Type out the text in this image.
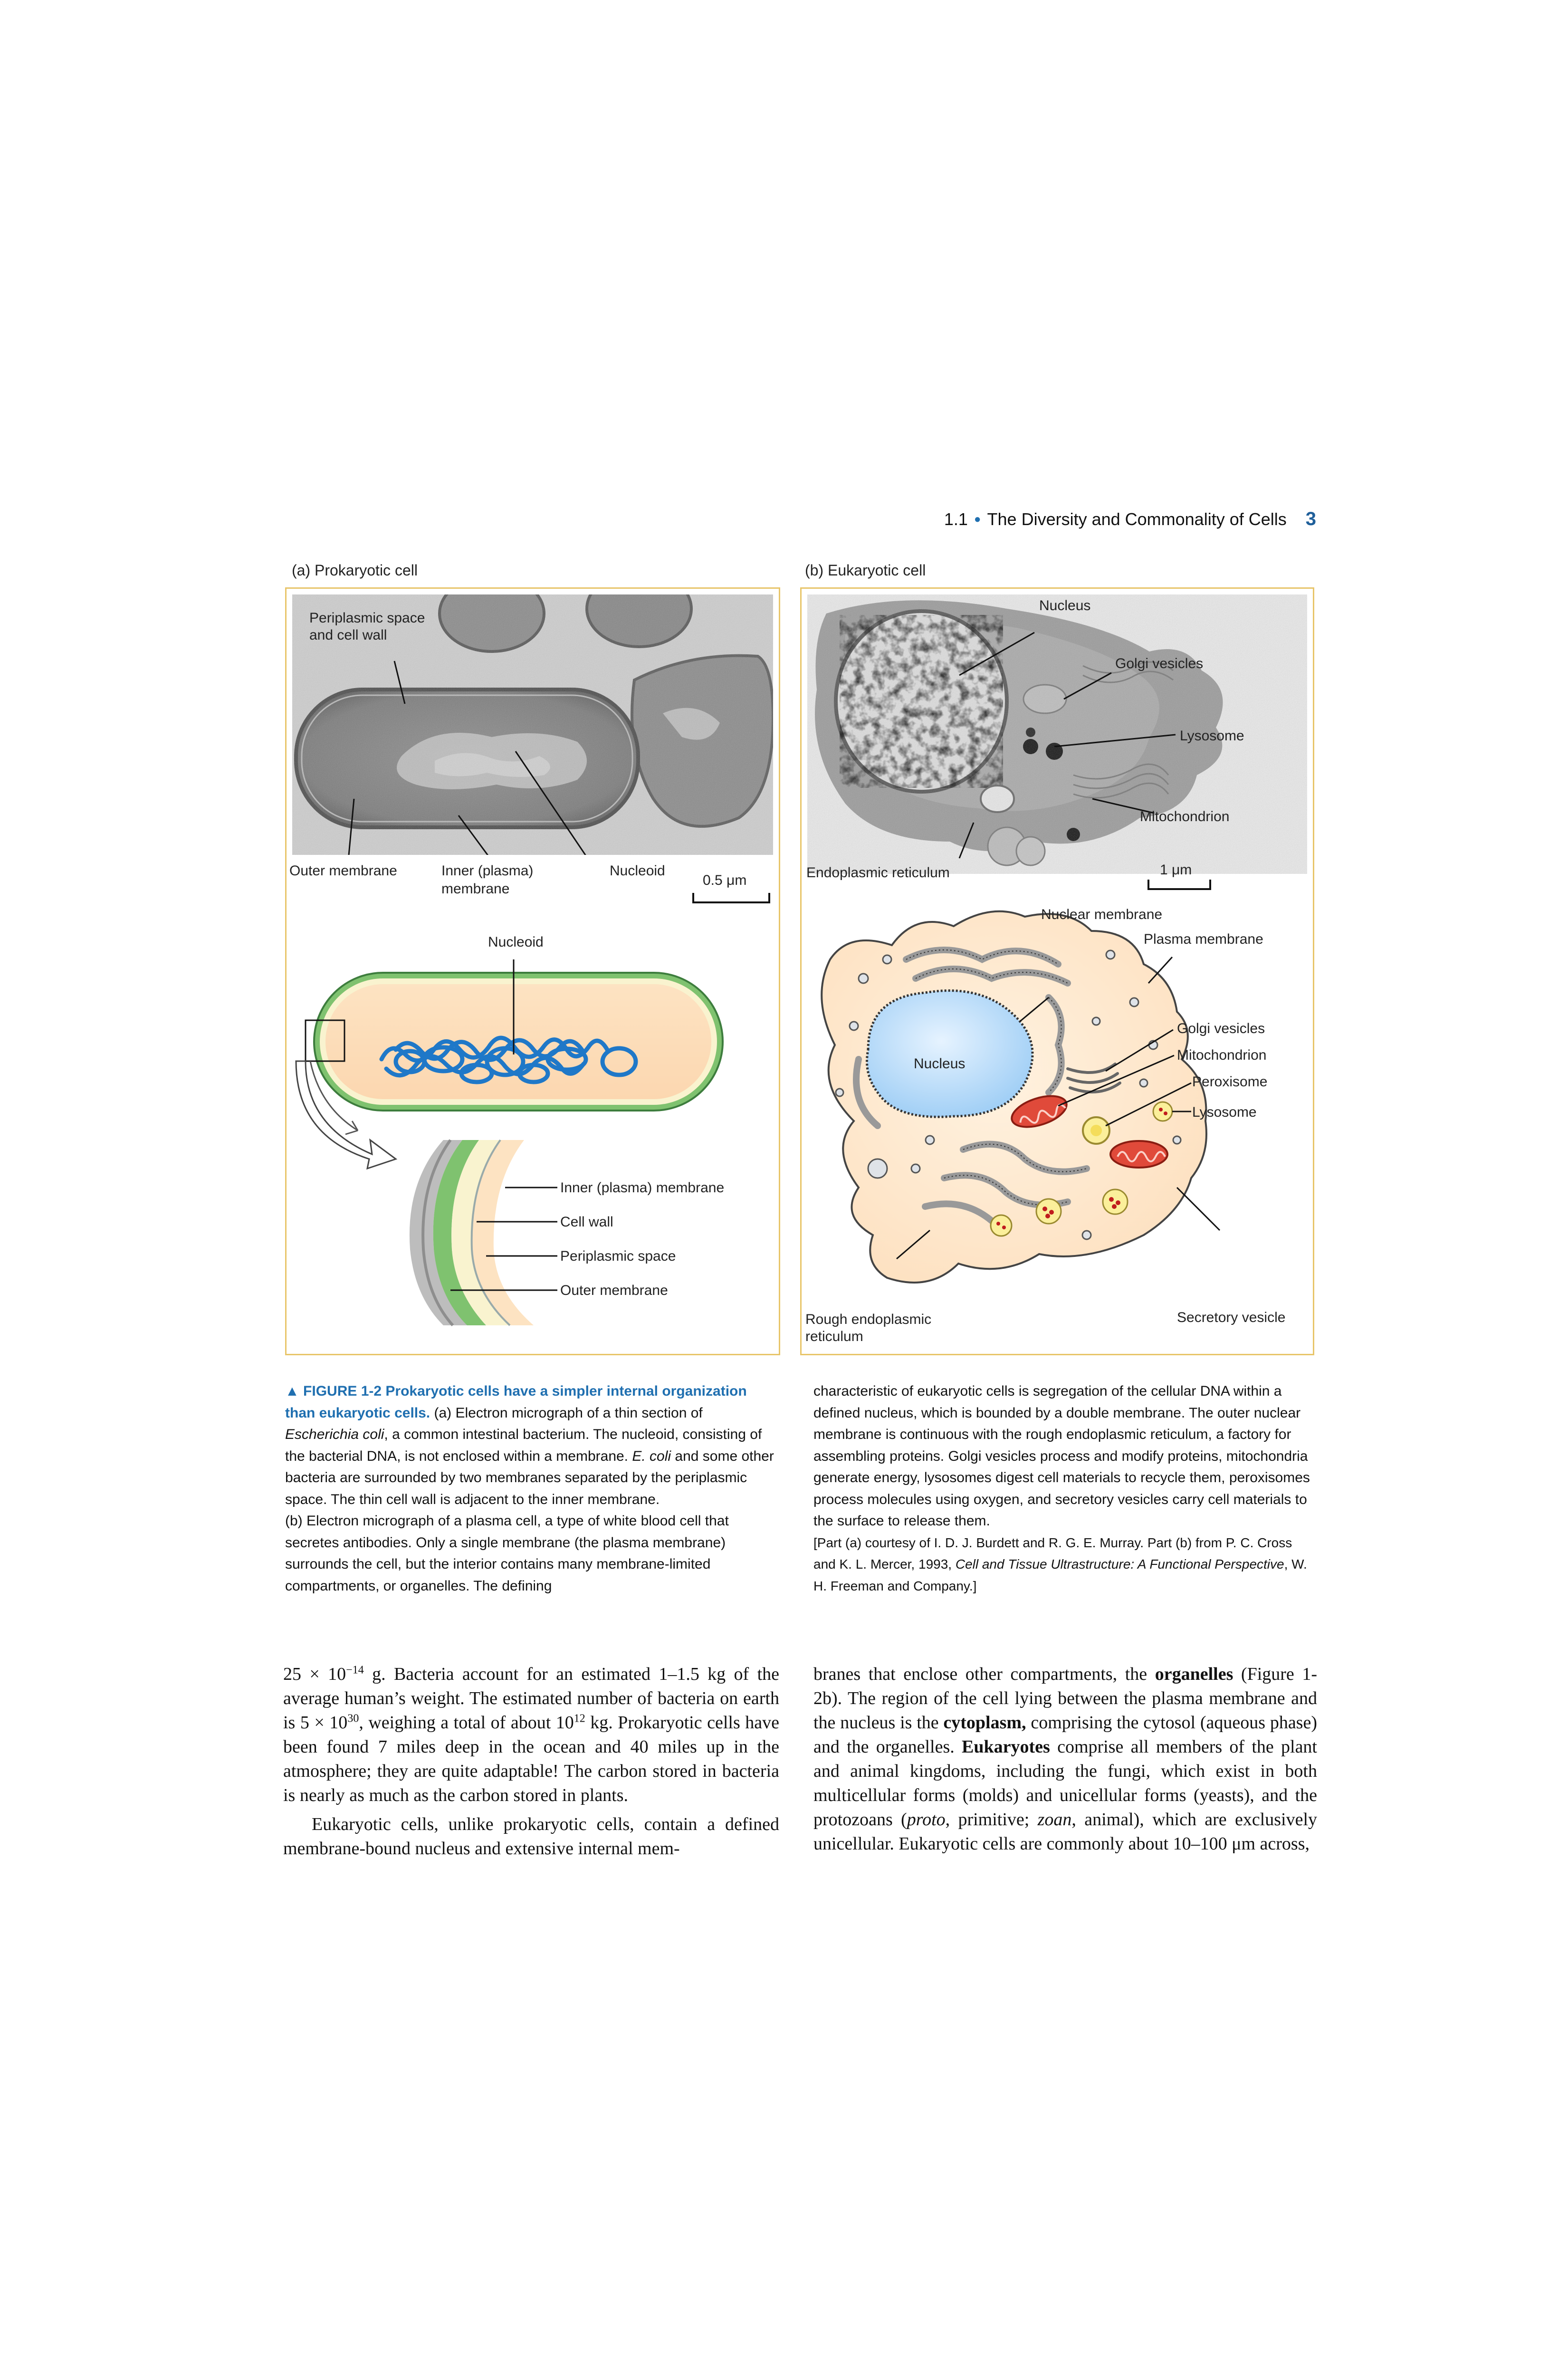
1.1 • The Diversity and Commonality of Cells 3
(a) Prokaryotic cell	(b) Eukaryotic cell
Periplasmic space
and cell wall
Outer membrane	Inner (plasma)
membrane
Nucleoid
0.5 μm
Nucleoid
Inner (plasma) membrane
Cell wall
Periplasmic space
Outer membrane
Nucleus
Golgi vesicles
Lysosome
Mitochondrion
Endoplasmic reticulum	1 μm
Nuclear membrane
Plasma membrane
Golgi vesicles
Mitochondrion
Peroxisome
Lysosome
Nucleus
Rough endoplasmic
reticulum
Secretory vesicle
▲ FIGURE 1-2 Prokaryotic cells have a simpler internal organization than eukaryotic cells. (a) Electron micrograph of a thin section of Escherichia coli, a common intestinal bacterium. The nucleoid, consisting of the bacterial DNA, is not enclosed within a membrane. E. coli and some other bacteria are surrounded by two membranes separated by the periplasmic space. The thin cell wall is adjacent to the inner membrane.
(b) Electron micrograph of a plasma cell, a type of white blood cell that secretes antibodies. Only a single membrane (the plasma membrane) surrounds the cell, but the interior contains many membrane-limited compartments, or organelles. The defining
characteristic of eukaryotic cells is segregation of the cellular DNA within a defined nucleus, which is bounded by a double membrane. The outer nuclear membrane is continuous with the rough endoplasmic reticulum, a factory for assembling proteins. Golgi vesicles process and modify proteins, mitochondria generate energy, lysosomes digest cell materials to recycle them, peroxisomes process molecules using oxygen, and secretory vesicles carry cell materials to the surface to release them.
[Part (a) courtesy of I. D. J. Burdett and R. G. E. Murray. Part (b) from P. C. Cross and K. L. Mercer, 1993, Cell and Tissue Ultrastructure: A Functional Perspective, W. H. Freeman and Company.]

$25 \times 10^{-14}$ g. Bacteria account for an estimated 1–1.5 kg of the average human’s weight. The estimated number of bacteria on earth is $5 \times 10^{30}$, weighing a total of about $10^{12}$ kg. Prokaryotic cells have been found 7 miles deep in the ocean and 40 miles up in the atmosphere; they are quite adaptable! The carbon stored in bacteria is nearly as much as the carbon stored in plants.

Eukaryotic cells, unlike prokaryotic cells, contain a defined membrane-bound nucleus and extensive internal mem-

branes that enclose other compartments, the organelles (Figure 1-2b). The region of the cell lying between the plasma membrane and the nucleus is the cytoplasm, comprising the cytosol (aqueous phase) and the organelles. Eukaryotes comprise all members of the plant and animal kingdoms, including the fungi, which exist in both multicellular forms (molds) and unicellular forms (yeasts), and the protozoans (proto, primitive; zoan, animal), which are exclusively unicellular. Eukaryotic cells are commonly about 10–100 μm across,
